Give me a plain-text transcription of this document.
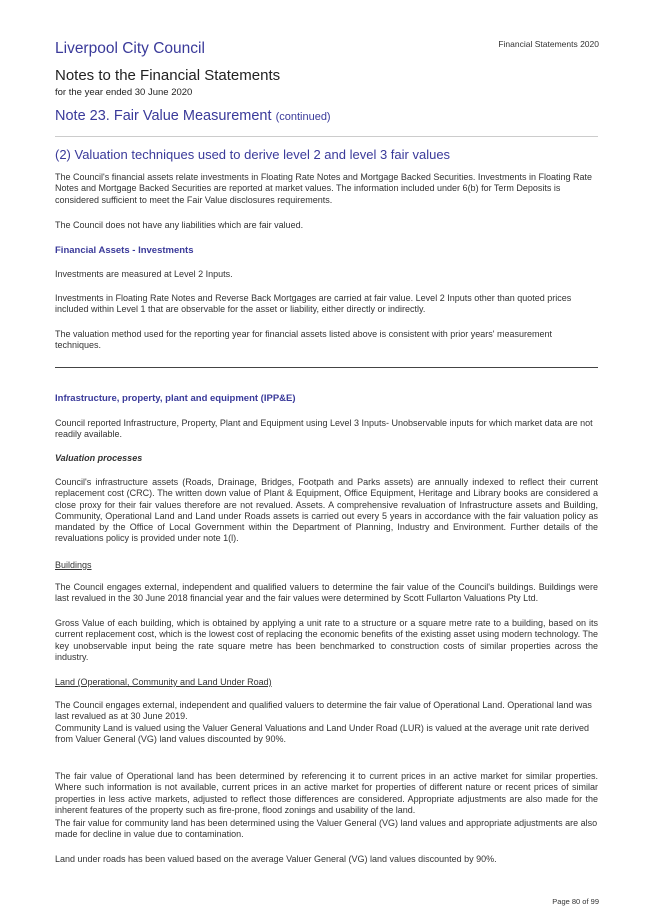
Financial Statements 2020
Liverpool City Council
Notes to the Financial Statements
for the year ended 30 June 2020
Note 23. Fair Value Measurement (continued)
(2) Valuation techniques used to derive level 2 and level 3 fair values

The Council's financial assets relate investments in Floating Rate Notes and Mortgage Backed Securities. Investments in Floating Rate Notes and Mortgage Backed Securities are reported at market values. The information included under 6(b) for Term Deposits is considered sufficient to meet the Fair Value disclosures requirements.

The Council does not have any liabilities which are fair valued.

Financial Assets - Investments

Investments are measured at Level 2 Inputs.

Investments in Floating Rate Notes and Reverse Back Mortgages are carried at fair value. Level 2 Inputs other than quoted prices included within Level 1 that are observable for the asset or liability, either directly or indirectly.

The valuation method used for the reporting year for financial assets listed above is consistent with prior years' measurement techniques.

Infrastructure, property, plant and equipment (IPP&E)

Council reported Infrastructure, Property, Plant and Equipment using Level 3 Inputs- Unobservable inputs for which market data are not readily available.

Valuation processes

Council's infrastructure assets (Roads, Drainage, Bridges, Footpath and Parks assets) are annually indexed to reflect their current replacement cost (CRC). The written down value of Plant & Equipment, Office Equipment, Heritage and Library books are considered a close proxy for their fair values therefore are not revalued. Assets. A comprehensive revaluation of Infrastructure assets and Building, Community, Operational Land and Land under Roads assets is carried out every 5 years in accordance with the fair valuation policy as mandated by the Office of Local Government within the Department of Planning, Industry and Environment. Further details of the revaluations policy is provided under note 1(l).

Buildings

The Council engages external, independent and qualified valuers to determine the fair value of the Council's buildings. Buildings were last revalued in the 30 June 2018 financial year and the fair values were determined by Scott Fullarton Valuations Pty Ltd.

Gross Value of each building, which is obtained by applying a unit rate to a structure or a square metre rate to a building, based on its current replacement cost, which is the lowest cost of replacing the economic benefits of the existing asset using modern technology. The key unobservable input being the rate square metre has been benchmarked to construction costs of similar properties across the industry.

Land (Operational, Community and Land Under Road)

The Council engages external, independent and qualified valuers to determine the fair value of Operational Land. Operational land was last revalued as at 30 June 2019.

Community Land is valued using the Valuer General Valuations and Land Under Road (LUR) is valued at the average unit rate derived from Valuer General (VG) land values discounted by 90%.

The fair value of Operational land has been determined by referencing it to current prices in an active market for similar properties. Where such information is not available, current prices in an active market for properties of different nature or recent prices of similar properties in less active markets, adjusted to reflect those differences are considered. Appropriate adjustments are also made for the inherent features of the property such as fire-prone, flood zonings and usability of the land.

The fair value for community land has been determined using the Valuer General (VG) land values and appropriate adjustments are also made for decline in value due to contamination.

Land under roads has been valued based on the average Valuer General (VG) land values discounted by 90%.

Page 80 of 99
